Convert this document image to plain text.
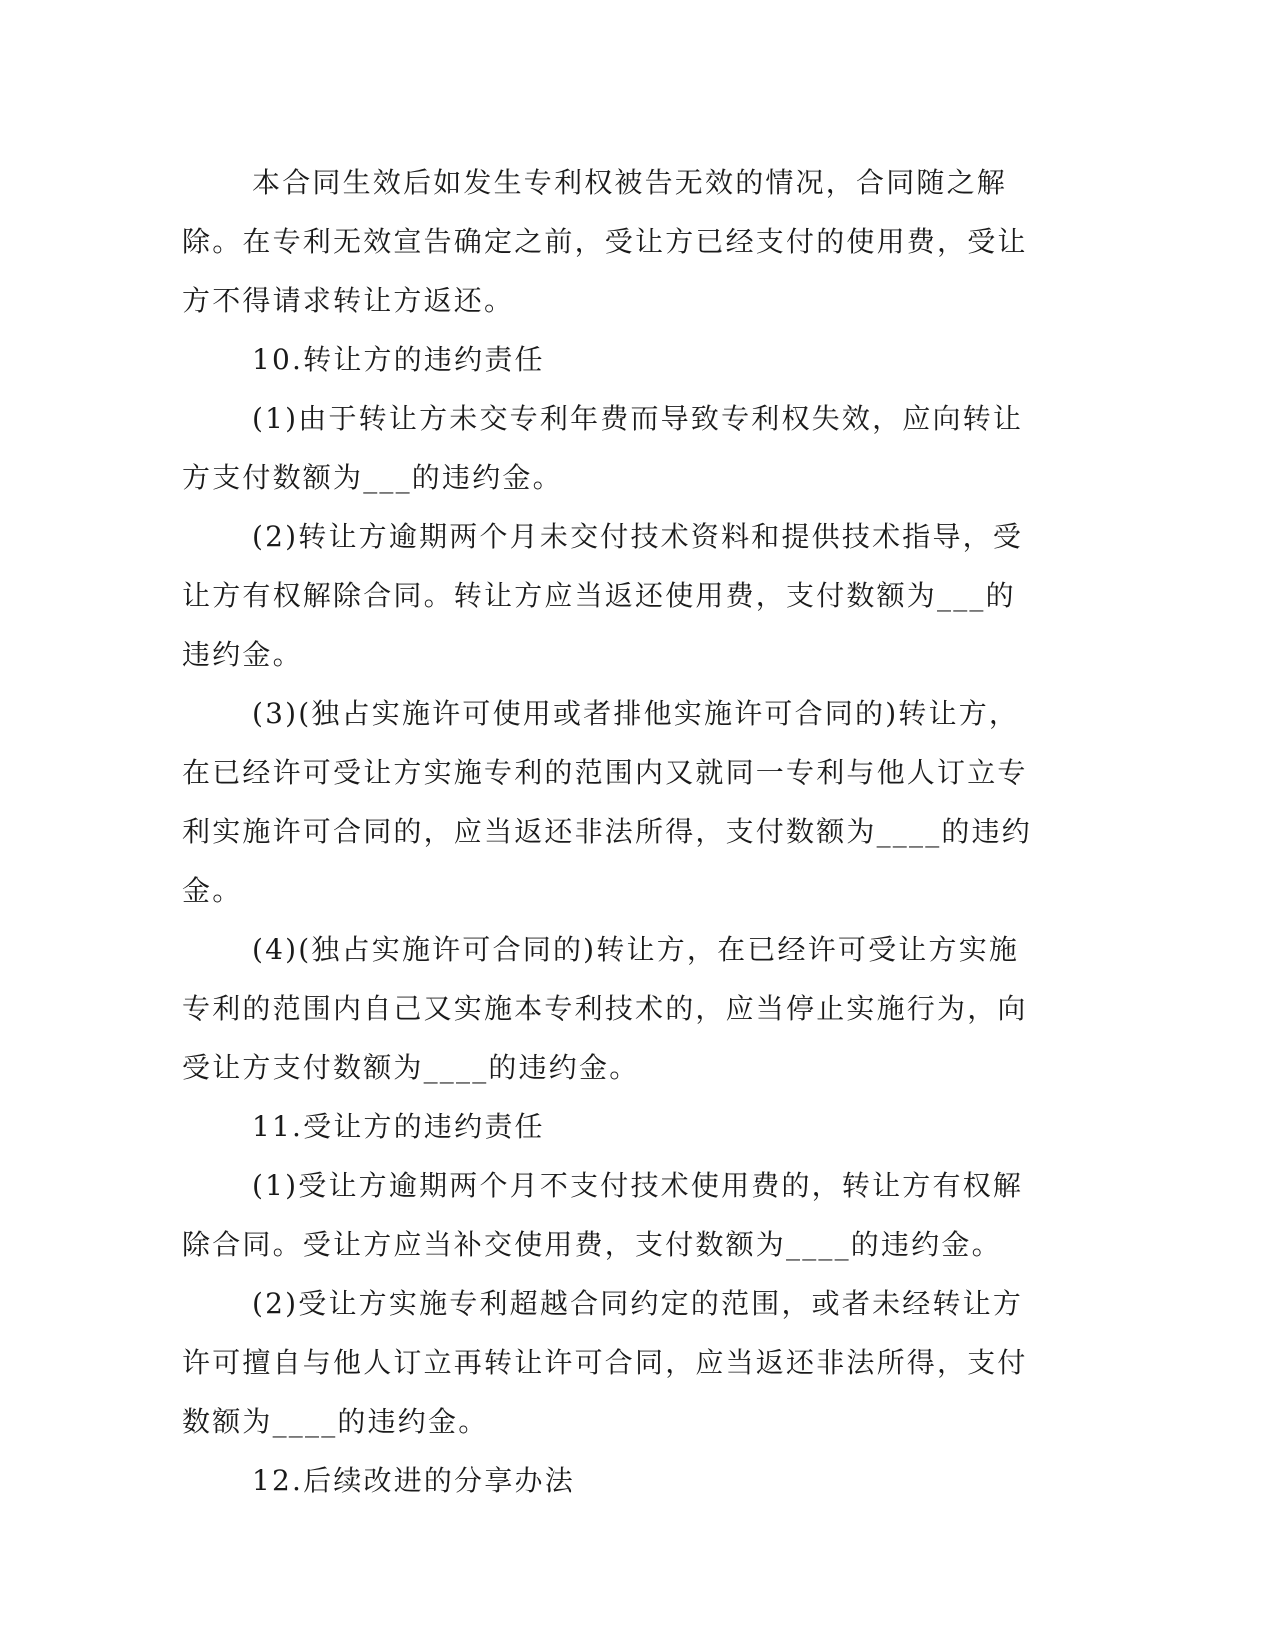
本合同生效后如发生专利权被告无效的情况，合同随之解除。在专利无效宣告确定之前，受让方已经支付的使用费，受让方不得请求转让方返还。

10.转让方的违约责任

(1)由于转让方未交专利年费而导致专利权失效，应向转让方支付数额为___的违约金。

(2)转让方逾期两个月未交付技术资料和提供技术指导，受让方有权解除合同。转让方应当返还使用费，支付数额为___的违约金。

(3)(独占实施许可使用或者排他实施许可合同的)转让方，在已经许可受让方实施专利的范围内又就同一专利与他人订立专利实施许可合同的，应当返还非法所得，支付数额为____的违约金。

(4)(独占实施许可合同的)转让方，在已经许可受让方实施专利的范围内自己又实施本专利技术的，应当停止实施行为，向受让方支付数额为____的违约金。

11.受让方的违约责任

(1)受让方逾期两个月不支付技术使用费的，转让方有权解除合同。受让方应当补交使用费，支付数额为____的违约金。

(2)受让方实施专利超越合同约定的范围，或者未经转让方许可擅自与他人订立再转让许可合同，应当返还非法所得，支付数额为____的违约金。

12.后续改进的分享办法
